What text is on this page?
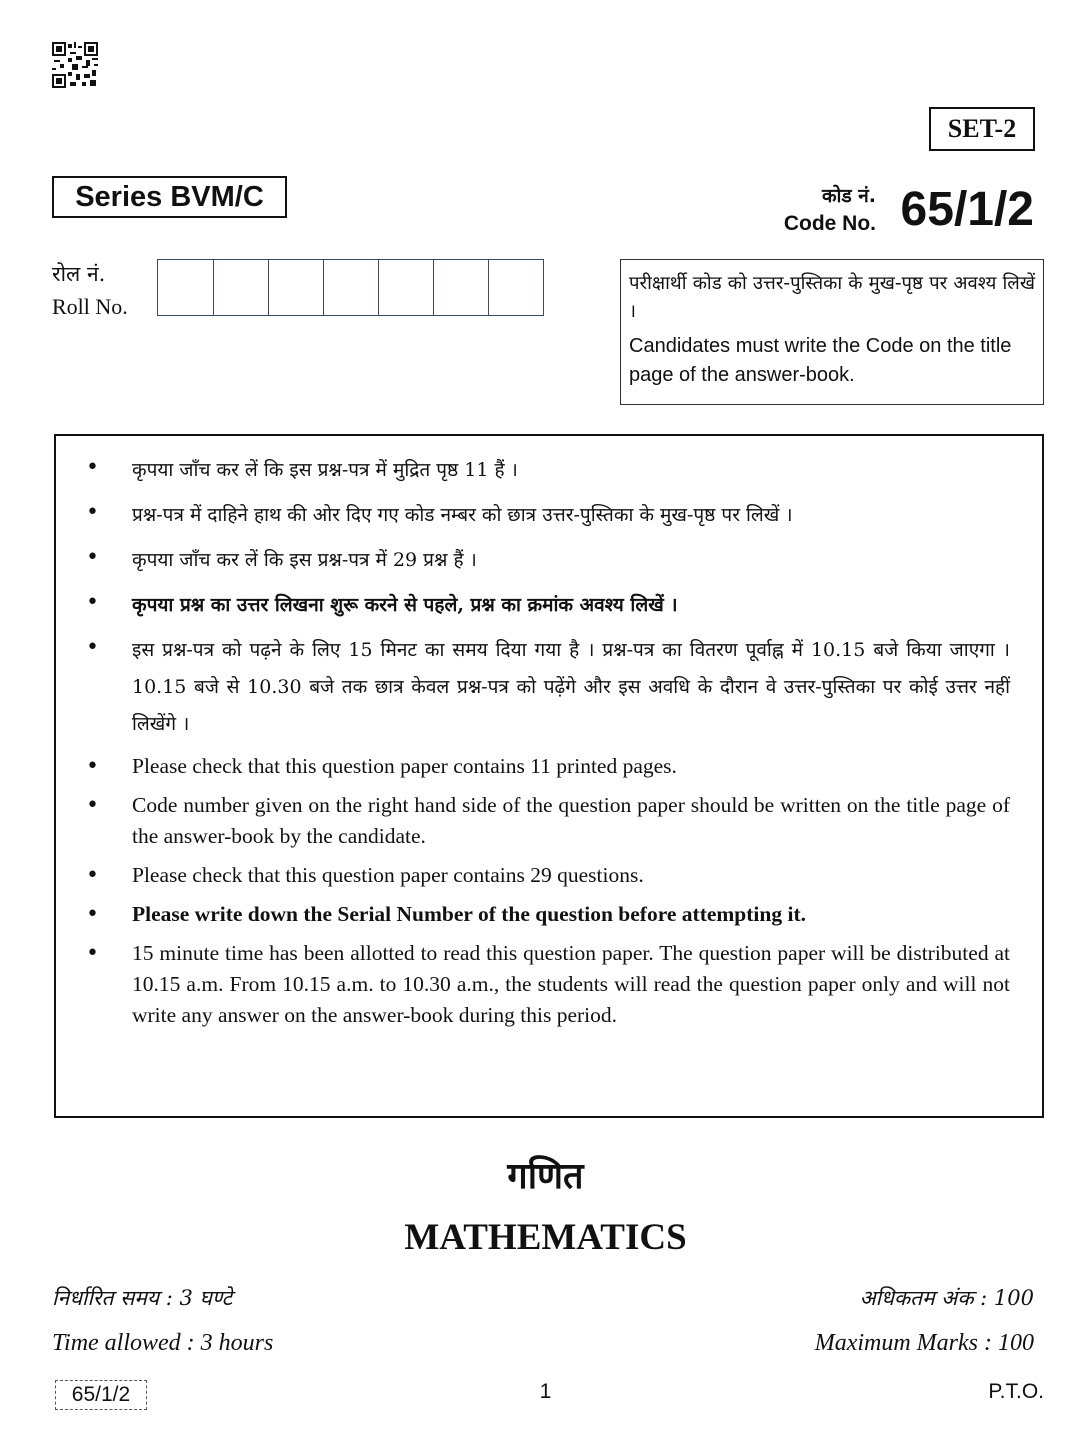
SET-2
Series BVM/C	कोड नं.
Code No. 65/1/2
रोल नं.
Roll No.
परीक्षार्थी कोड को उत्तर-पुस्तिका के मुख-पृष्ठ पर अवश्य लिखें ।
Candidates must write the Code on the title page of the answer-book.
•	कृपया जाँच कर लें कि इस प्रश्न-पत्र में मुद्रित पृष्ठ 11 हैं ।
•	प्रश्न-पत्र में दाहिने हाथ की ओर दिए गए कोड नम्बर को छात्र उत्तर-पुस्तिका के मुख-पृष्ठ पर लिखें ।
•	कृपया जाँच कर लें कि इस प्रश्न-पत्र में 29 प्रश्न हैं ।
•	कृपया प्रश्न का उत्तर लिखना शुरू करने से पहले, प्रश्न का क्रमांक अवश्य लिखें ।
•	इस प्रश्न-पत्र को पढ़ने के लिए 15 मिनट का समय दिया गया है । प्रश्न-पत्र का वितरण पूर्वाह्न में 10.15 बजे किया जाएगा । 10.15 बजे से 10.30 बजे तक छात्र केवल प्रश्न-पत्र को पढ़ेंगे और इस अवधि के दौरान वे उत्तर-पुस्तिका पर कोई उत्तर नहीं लिखेंगे ।
•	Please check that this question paper contains 11 printed pages.
•	Code number given on the right hand side of the question paper should be written on the title page of the answer-book by the candidate.
•	Please check that this question paper contains 29 questions.
•	Please write down the Serial Number of the question before attempting it.
•	15 minute time has been allotted to read this question paper. The question paper will be distributed at 10.15 a.m. From 10.15 a.m. to 10.30 a.m., the students will read the question paper only and will not write any answer on the answer-book during this period.
गणित
MATHEMATICS
निर्धारित समय : 3 घण्टे
Time allowed : 3 hours
अधिकतम अंक : 100
Maximum Marks : 100
65/1/2	1	P.T.O.
